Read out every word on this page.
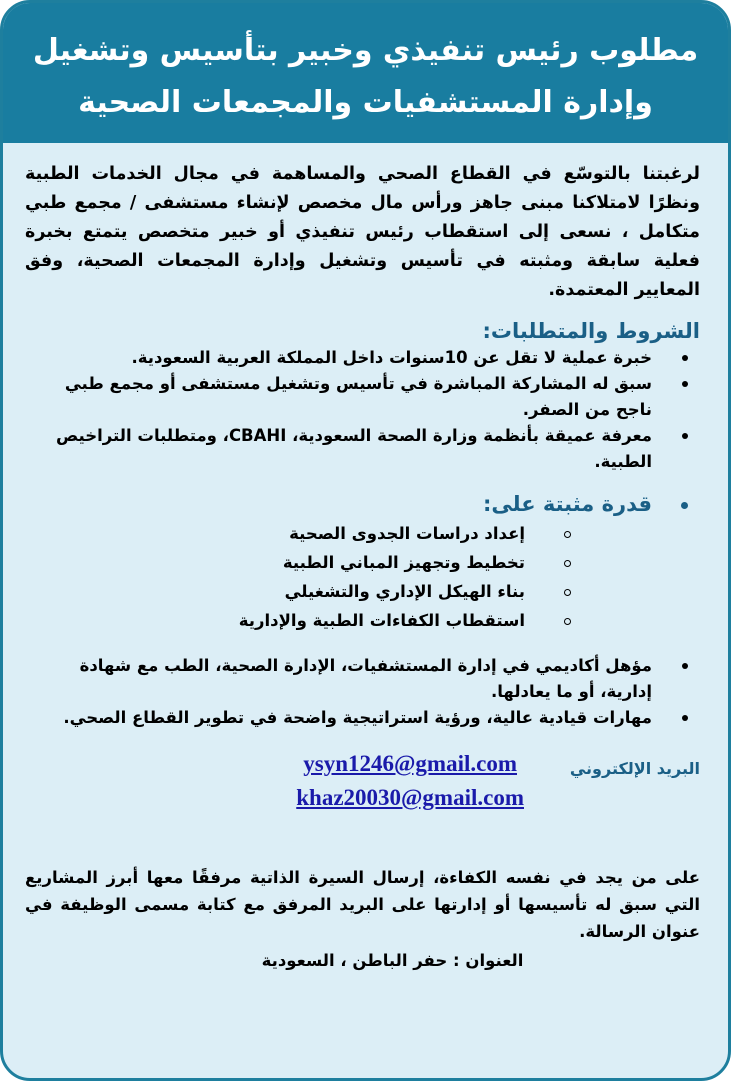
مطلوب رئيس تنفيذي وخبير بتأسيس وتشغيل
وإدارة المستشفيات والمجمعات الصحية
لرغبتنا بالتوسّع في القطاع الصحي والمساهمة في مجال الخدمات الطبية ونظرًا لامتلاكنا مبنى جاهز ورأس مال مخصص لإنشاء مستشفى / مجمع طبي متكامل ، نسعى إلى استقطاب رئيس تنفيذي أو خبير متخصص يتمتع بخبرة فعلية سابقة ومثبته في تأسيس وتشغيل وإدارة المجمعات الصحية، وفق المعايير المعتمدة.
الشروط والمتطلبات:
خبرة عملية لا تقل عن 10سنوات داخل المملكة العربية السعودية.
سبق له المشاركة المباشرة في تأسيس وتشغيل مستشفى أو مجمع طبي ناجح من الصفر.
معرفة عميقة بأنظمة وزارة الصحة السعودية، CBAHI، ومتطلبات التراخيص الطبية.
قدرة مثبتة على:
إعداد دراسات الجدوى الصحية
تخطيط وتجهيز المباني الطبية
بناء الهيكل الإداري والتشغيلي
استقطاب الكفاءات الطبية والإدارية
مؤهل أكاديمي في إدارة المستشفيات، الإدارة الصحية، الطب مع شهادة إدارية، أو ما يعادلها.
مهارات قيادية عالية، ورؤية استراتيجية واضحة في تطوير القطاع الصحي.
البريد الإلكتروني
ysyn1246@gmail.com
khaz20030@gmail.com
على من يجد في نفسه الكفاءة، إرسال السيرة الذاتية مرفقًا معها أبرز المشاريع التي سبق له تأسيسها أو إدارتها على البريد المرفق مع كتابة مسمى الوظيفة في عنوان الرسالة.
العنوان : حفر الباطن ، السعودية
